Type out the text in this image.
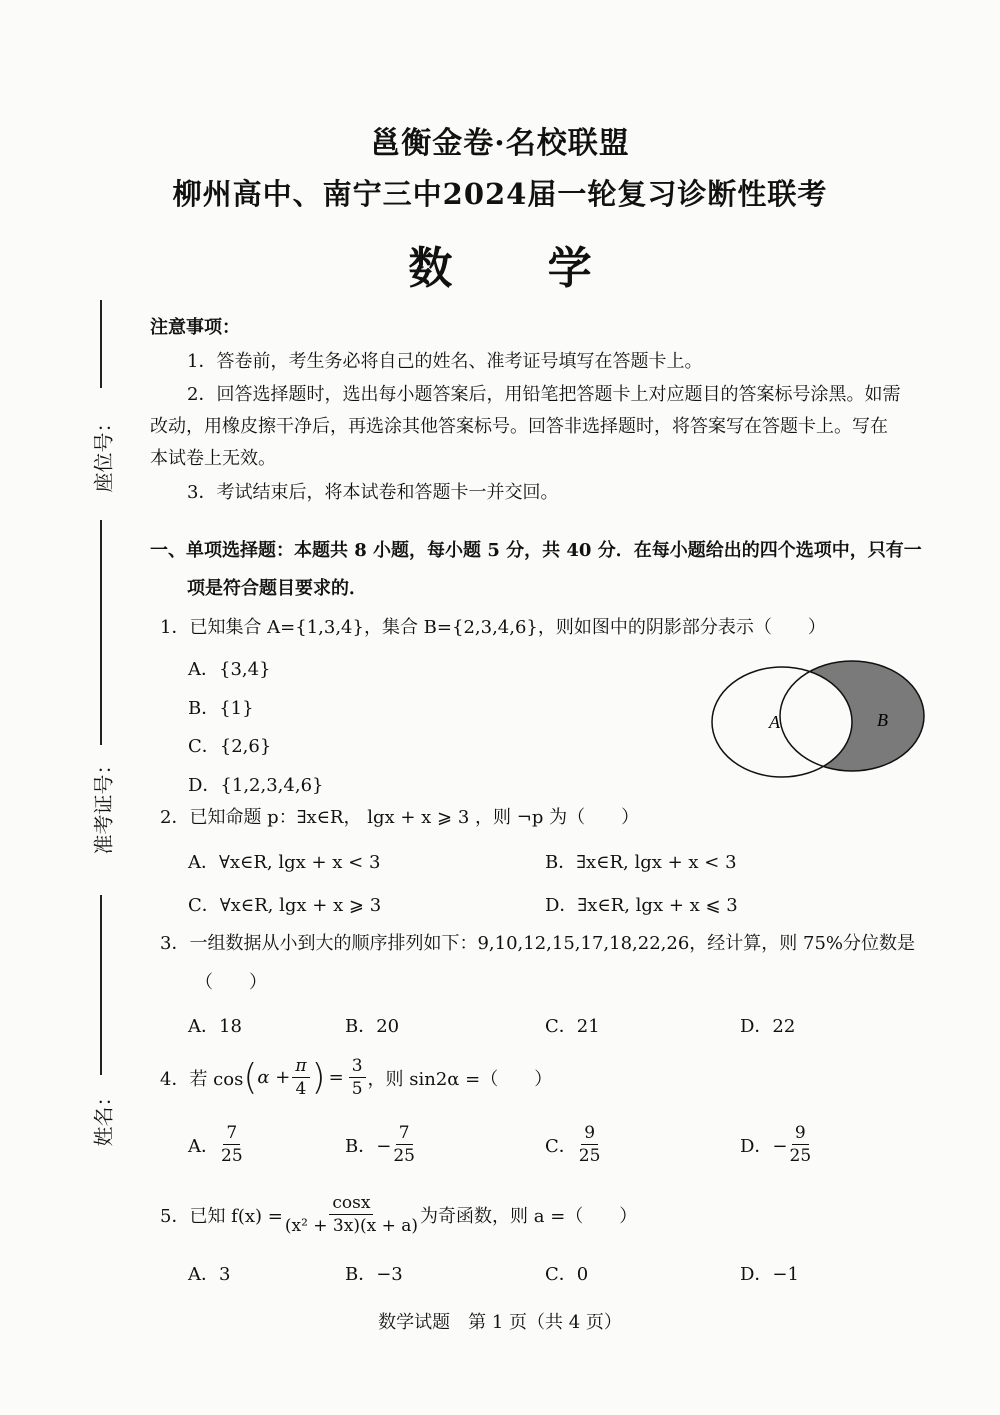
邕衡金卷·名校联盟
柳州高中、南宁三中2024届一轮复习诊断性联考
数 学
座位号：
准考证号：
姓名：
注意事项：
1．答卷前，考生务必将自己的姓名、准考证号填写在答题卡上。
2．回答选择题时，选出每小题答案后，用铅笔把答题卡上对应题目的答案标号涂黑。如需
改动，用橡皮擦干净后，再选涂其他答案标号。回答非选择题时，将答案写在答题卡上。写在
本试卷上无效。
3．考试结束后，将本试卷和答题卡一并交回。
一、单项选择题：本题共 8 小题，每小题 5 分，共 40 分．在每小题给出的四个选项中，只有一
项是符合题目要求的．
1．已知集合 A={1,3,4}，集合 B={2,3,4,6}，则如图中的阴影部分表示（　　）
A．{3,4}
B．{1}
C．{2,6}
D．{1,2,3,4,6}
A	B
2．已知命题 p：∃x∈R， lgx + x ⩾ 3 ，则 ¬p 为（　　）
A．∀x∈R, lgx + x < 3	B．∃x∈R, lgx + x < 3
C．∀x∈R, lgx + x ⩾ 3	D．∃x∈R, lgx + x ⩽ 3
3．一组数据从小到大的顺序排列如下：9,10,12,15,17,18,22,26，经计算，则 75%分位数是
（　　）
A．18	B．20	C．21	D．22
4．若 cos ( $\alpha + \frac{\pi}{4}$ ) = $\frac{3}{5}$ ，则 sin2α =（　　）
A． $\frac{7}{25}$	B．− $\frac{7}{25}$	C． $\frac{9}{25}$	D．− $\frac{9}{25}$
5．已知 $f(x) = \frac{\cos x}{\text{(x² + 3x)(x + a)}}$ 为奇函数，则 a =（　　）
A．3	B．−3	C．0	D．−1
数学试题　第 1 页（共 4 页）
